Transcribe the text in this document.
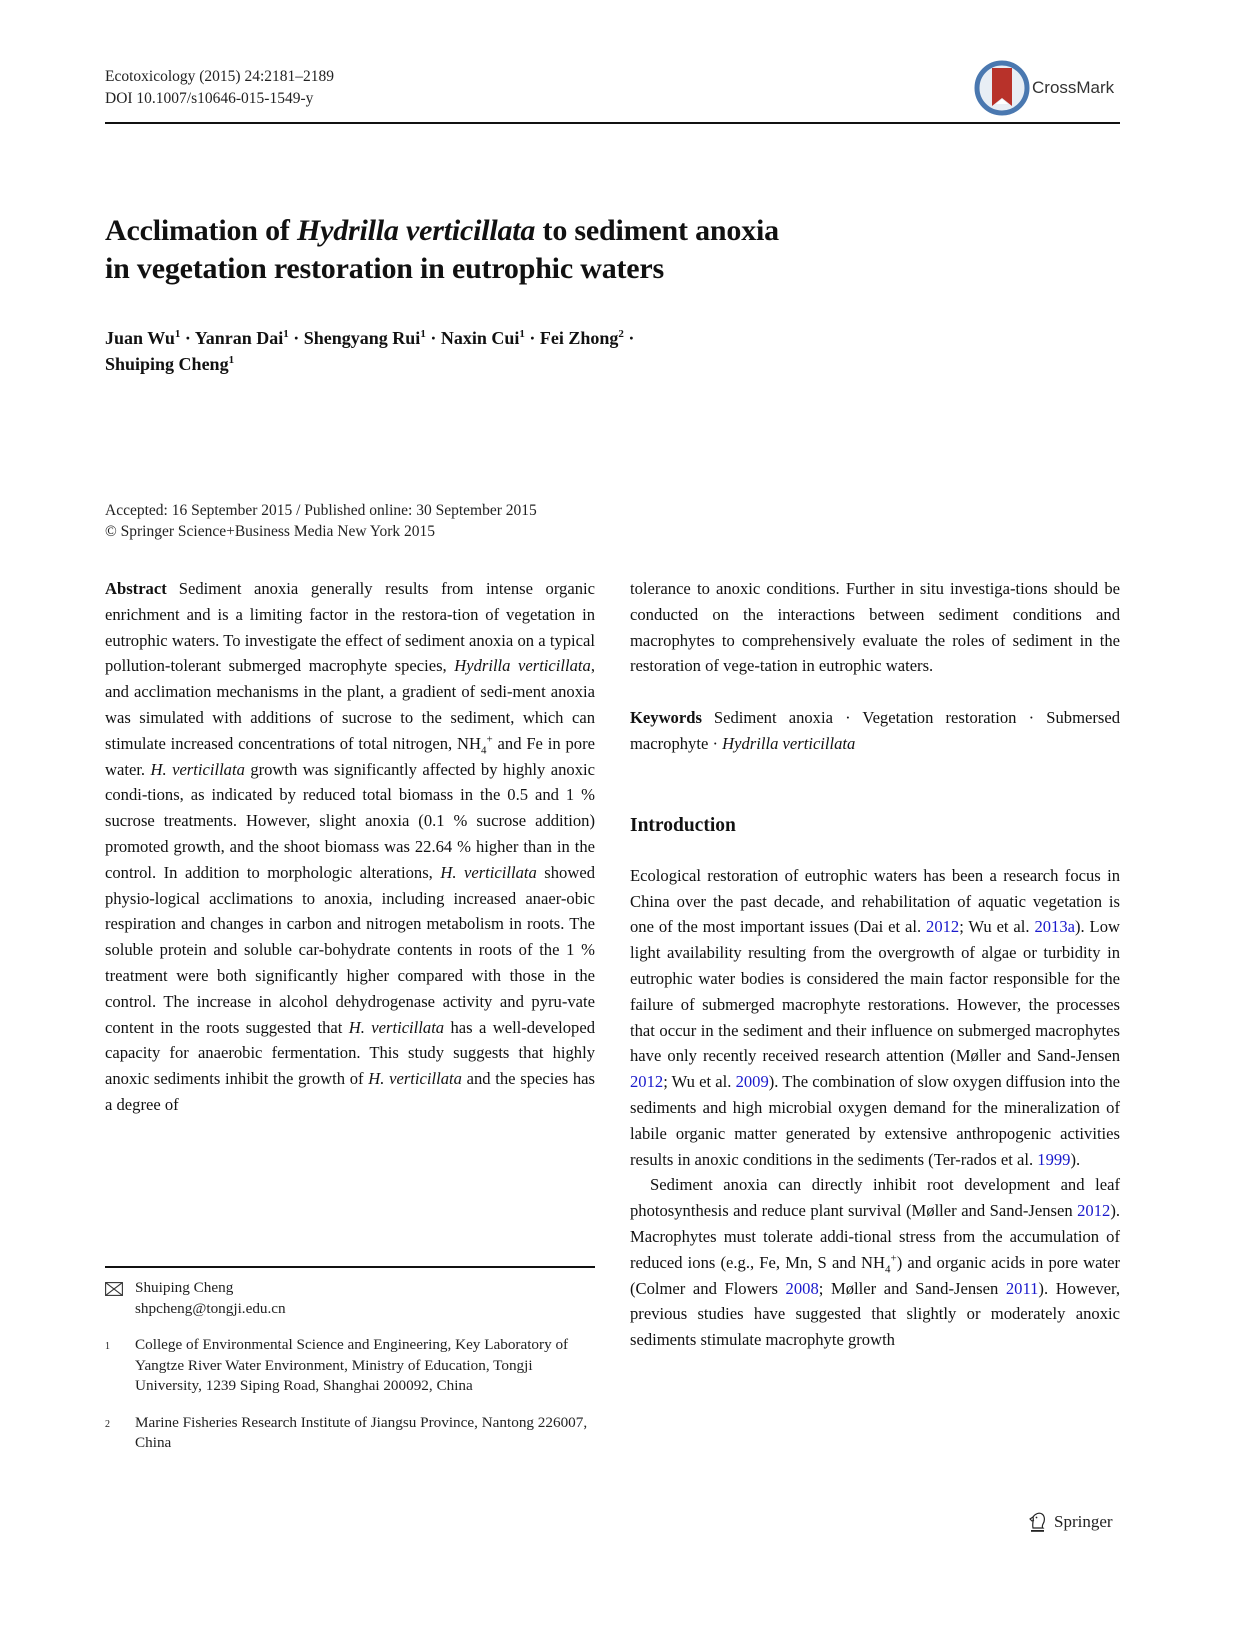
Ecotoxicology (2015) 24:2181–2189
DOI 10.1007/s10646-015-1549-y
CrossMark
Acclimation of Hydrilla verticillata to sediment anoxia
in vegetation restoration in eutrophic waters
Juan $Wu^1$ · Yanran Dai$^1$ · Shengyang Rui$^1$ · Naxin Cui$^1$ · Fei Zhong$^2$ ·
Shuiping Cheng$^1$
Accepted: 16 September 2015 / Published online: 30 September 2015
© Springer Science+Business Media New York 2015

Abstract Sediment anoxia generally results from intense organic enrichment and is a limiting factor in the restora-tion of vegetation in eutrophic waters. To investigate the effect of sediment anoxia on a typical pollution-tolerant submerged macrophyte species, Hydrilla verticillata, and acclimation mechanisms in the plant, a gradient of sedi-ment anoxia was simulated with additions of sucrose to the sediment, which can stimulate increased concentrations of total nitrogen, $NH_4^+$ and Fe in pore water. H. verticillata growth was significantly affected by highly anoxic condi-tions, as indicated by reduced total biomass in the 0.5 and 1 % sucrose treatments. However, slight anoxia (0.1 % sucrose addition) promoted growth, and the shoot biomass was 22.64 % higher than in the control. In addition to morphologic alterations, H. verticillata showed physio-logical acclimations to anoxia, including increased anaer-obic respiration and changes in carbon and nitrogen metabolism in roots. The soluble protein and soluble car-bohydrate contents in roots of the 1 % treatment were both significantly higher compared with those in the control. The increase in alcohol dehydrogenase activity and pyru-vate content in the roots suggested that H. verticillata has a well-developed capacity for anaerobic fermentation. This study suggests that highly anoxic sediments inhibit the growth of H. verticillata and the species has a degree of

Shuiping Cheng
shpcheng@tongji.edu.cn
1	College of Environmental Science and Engineering, Key Laboratory of Yangtze River Water Environment, Ministry of Education, Tongji University, 1239 Siping Road, Shanghai 200092, China
2	Marine Fisheries Research Institute of Jiangsu Province, Nantong 226007, China

tolerance to anoxic conditions. Further in situ investiga-tions should be conducted on the interactions between sediment conditions and macrophytes to comprehensively evaluate the roles of sediment in the restoration of vege-tation in eutrophic waters.

Keywords Sediment anoxia · Vegetation restoration · Submersed macrophyte · Hydrilla verticillata

Introduction

Ecological restoration of eutrophic waters has been a research focus in China over the past decade, and rehabilitation of aquatic vegetation is one of the most important issues (Dai et al. 2012; Wu et al. 2013a). Low light availability resulting from the overgrowth of algae or turbidity in eutrophic water bodies is considered the main factor responsible for the failure of submerged macrophyte restorations. However, the processes that occur in the sediment and their influence on submerged macrophytes have only recently received research attention (Møller and Sand-Jensen 2012; Wu et al. 2009). The combination of slow oxygen diffusion into the sediments and high microbial oxygen demand for the mineralization of labile organic matter generated by extensive anthropogenic activities results in anoxic conditions in the sediments (Ter-rados et al. 1999).

Sediment anoxia can directly inhibit root development and leaf photosynthesis and reduce plant survival (Møller and Sand-Jensen 2012). Macrophytes must tolerate addi-tional stress from the accumulation of reduced ions (e.g., Fe, Mn, S and $NH_4^+$) and organic acids in pore water (Colmer and Flowers 2008; Møller and Sand-Jensen 2011). However, previous studies have suggested that slightly or moderately anoxic sediments stimulate macrophyte growth

Springer
